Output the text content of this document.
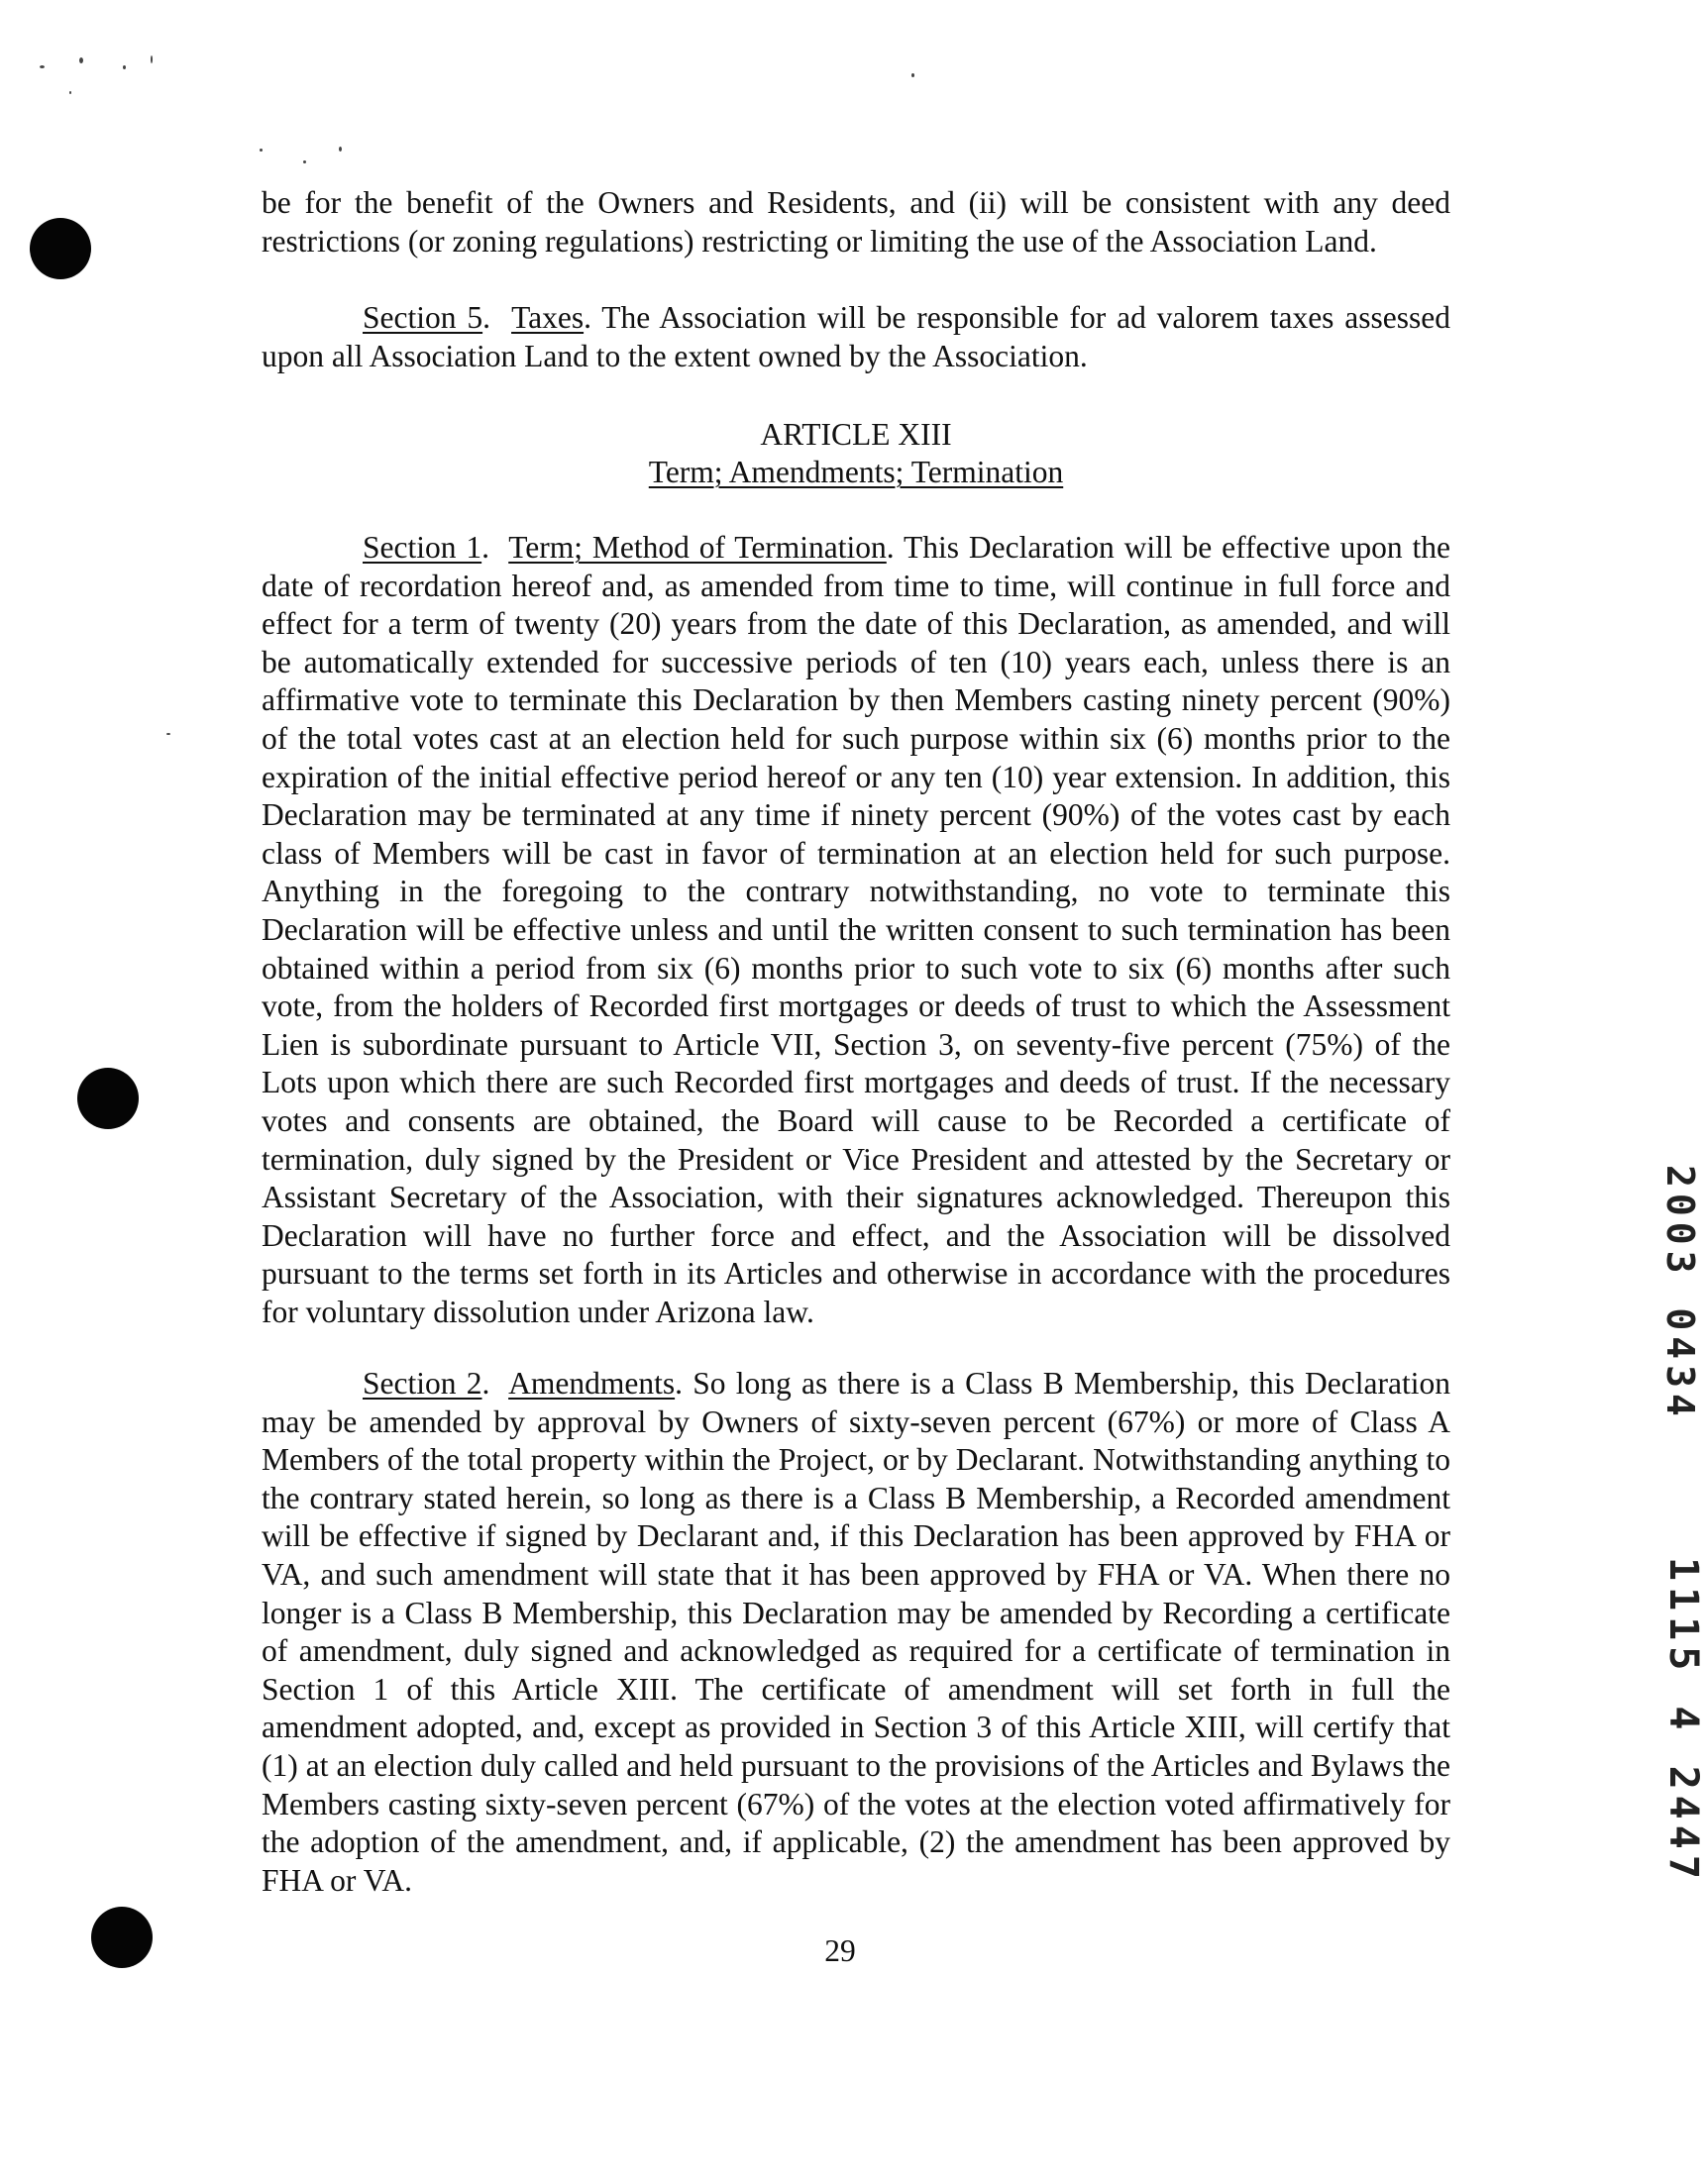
be for the benefit of the Owners and Residents, and (ii) will be consistent with any deed restrictions (or zoning regulations) restricting or limiting the use of the Association Land.

Section 5.  Taxes. The Association will be responsible for ad valorem taxes assessed upon all Association Land to the extent owned by the Association.

ARTICLE XIII
Term; Amendments; Termination

Section 1.  Term; Method of Termination. This Declaration will be effective upon the date of recordation hereof and, as amended from time to time, will continue in full force and effect for a term of twenty (20) years from the date of this Declaration, as amended, and will be automatically extended for successive periods of ten (10) years each, unless there is an affirmative vote to terminate this Declaration by then Members casting ninety percent (90%) of the total votes cast at an election held for such purpose within six (6) months prior to the expiration of the initial effective period hereof or any ten (10) year extension. In addition, this Declaration may be terminated at any time if ninety percent (90%) of the votes cast by each class of Members will be cast in favor of termination at an election held for such purpose. Anything in the foregoing to the contrary notwithstanding, no vote to terminate this Declaration will be effective unless and until the written consent to such termination has been obtained within a period from six (6) months prior to such vote to six (6) months after such vote, from the holders of Recorded first mortgages or deeds of trust to which the Assessment Lien is subordinate pursuant to Article VII, Section 3, on seventy-five percent (75%) of the Lots upon which there are such Recorded first mortgages and deeds of trust. If the necessary votes and consents are obtained, the Board will cause to be Recorded a certificate of termination, duly signed by the President or Vice President and attested by the Secretary or Assistant Secretary of the Association, with their signatures acknowledged. Thereupon this Declaration will have no further force and effect, and the Association will be dissolved pursuant to the terms set forth in its Articles and otherwise in accordance with the procedures for voluntary dissolution under Arizona law.

Section 2.  Amendments. So long as there is a Class B Membership, this Declaration may be amended by approval by Owners of sixty-seven percent (67%) or more of Class A Members of the total property within the Project, or by Declarant. Notwithstanding anything to the contrary stated herein, so long as there is a Class B Membership, a Recorded amendment will be effective if signed by Declarant and, if this Declaration has been approved by FHA or VA, and such amendment will state that it has been approved by FHA or VA. When there no longer is a Class B Membership, this Declaration may be amended by Recording a certificate of amendment, duly signed and acknowledged as required for a certificate of termination in Section 1 of this Article XIII. The certificate of amendment will set forth in full the amendment adopted, and, except as provided in Section 3 of this Article XIII, will certify that (1) at an election duly called and held pursuant to the provisions of the Articles and Bylaws the Members casting sixty-seven percent (67%) of the votes at the election voted affirmatively for the adoption of the amendment, and, if applicable, (2) the amendment has been approved by FHA or VA.

29
2003 0434
1115 4 2447
